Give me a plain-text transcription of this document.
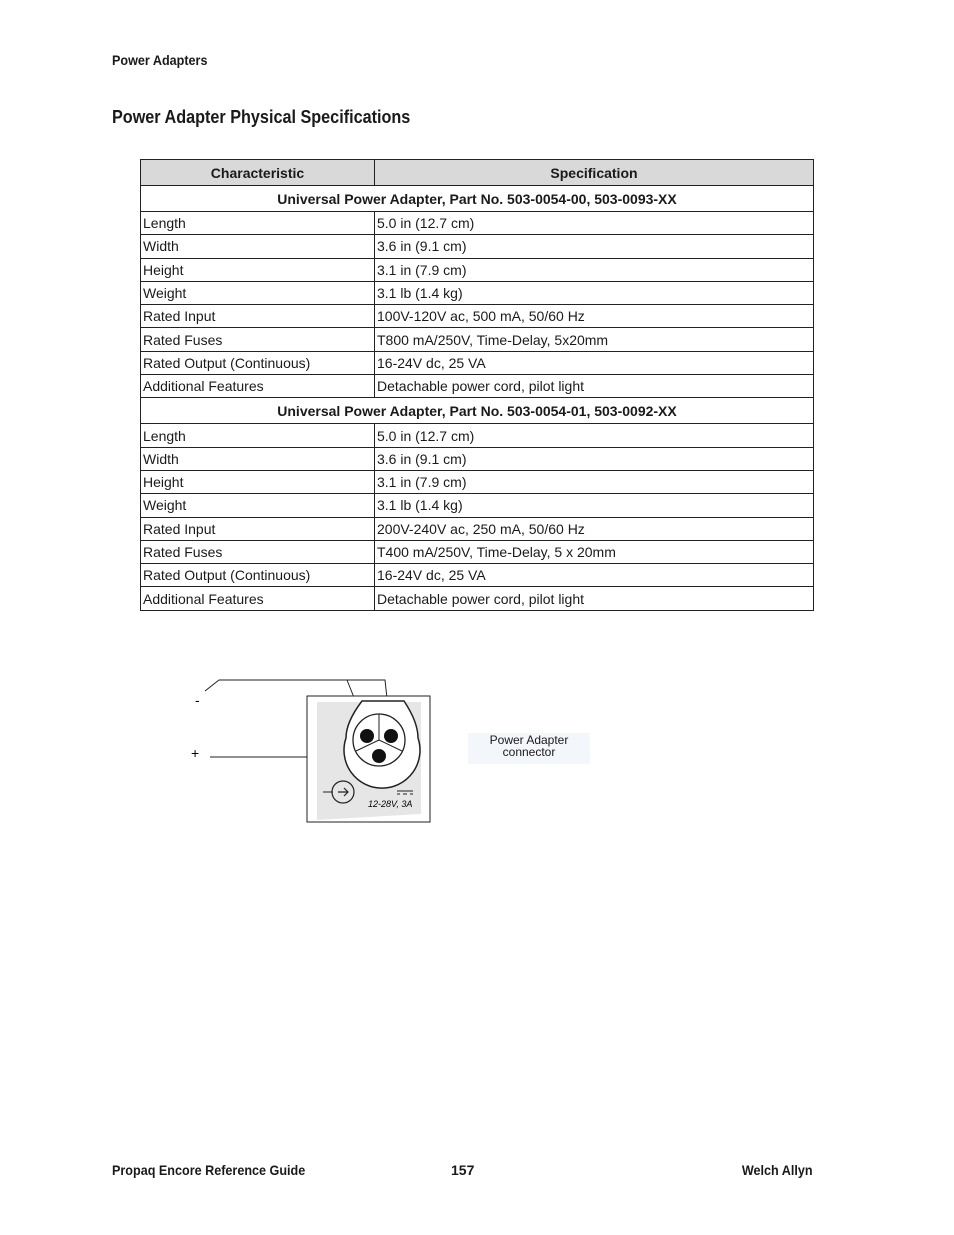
Power Adapters
Power Adapter Physical Specifications
Characteristic	Specification
Universal Power Adapter, Part No. 503-0054-00, 503-0093-XX	
Length	5.0 in (12.7 cm)
Width	3.6 in (9.1 cm)
Height	3.1 in (7.9 cm)
Weight	3.1 lb (1.4 kg)
Rated Input	100V-120V ac, 500 mA, 50/60 Hz
Rated Fuses	T800 mA/250V, Time-Delay, 5x20mm
Rated Output (Continuous)	16-24V dc, 25 VA
Additional Features	Detachable power cord, pilot light
Universal Power Adapter, Part No. 503-0054-01, 503-0092-XX	
Length	5.0 in (12.7 cm)
Width	3.6 in (9.1 cm)
Height	3.1 in (7.9 cm)
Weight	3.1 lb (1.4 kg)
Rated Input	200V-240V ac, 250 mA, 50/60 Hz
Rated Fuses	T400 mA/250V, Time-Delay, 5 x 20mm
Rated Output (Continuous)	16-24V dc, 25 VA
Additional Features	Detachable power cord, pilot light
-
+
12-28V, 3A
Power Adapter
connector
Propaq Encore Reference Guide	157	Welch Allyn
